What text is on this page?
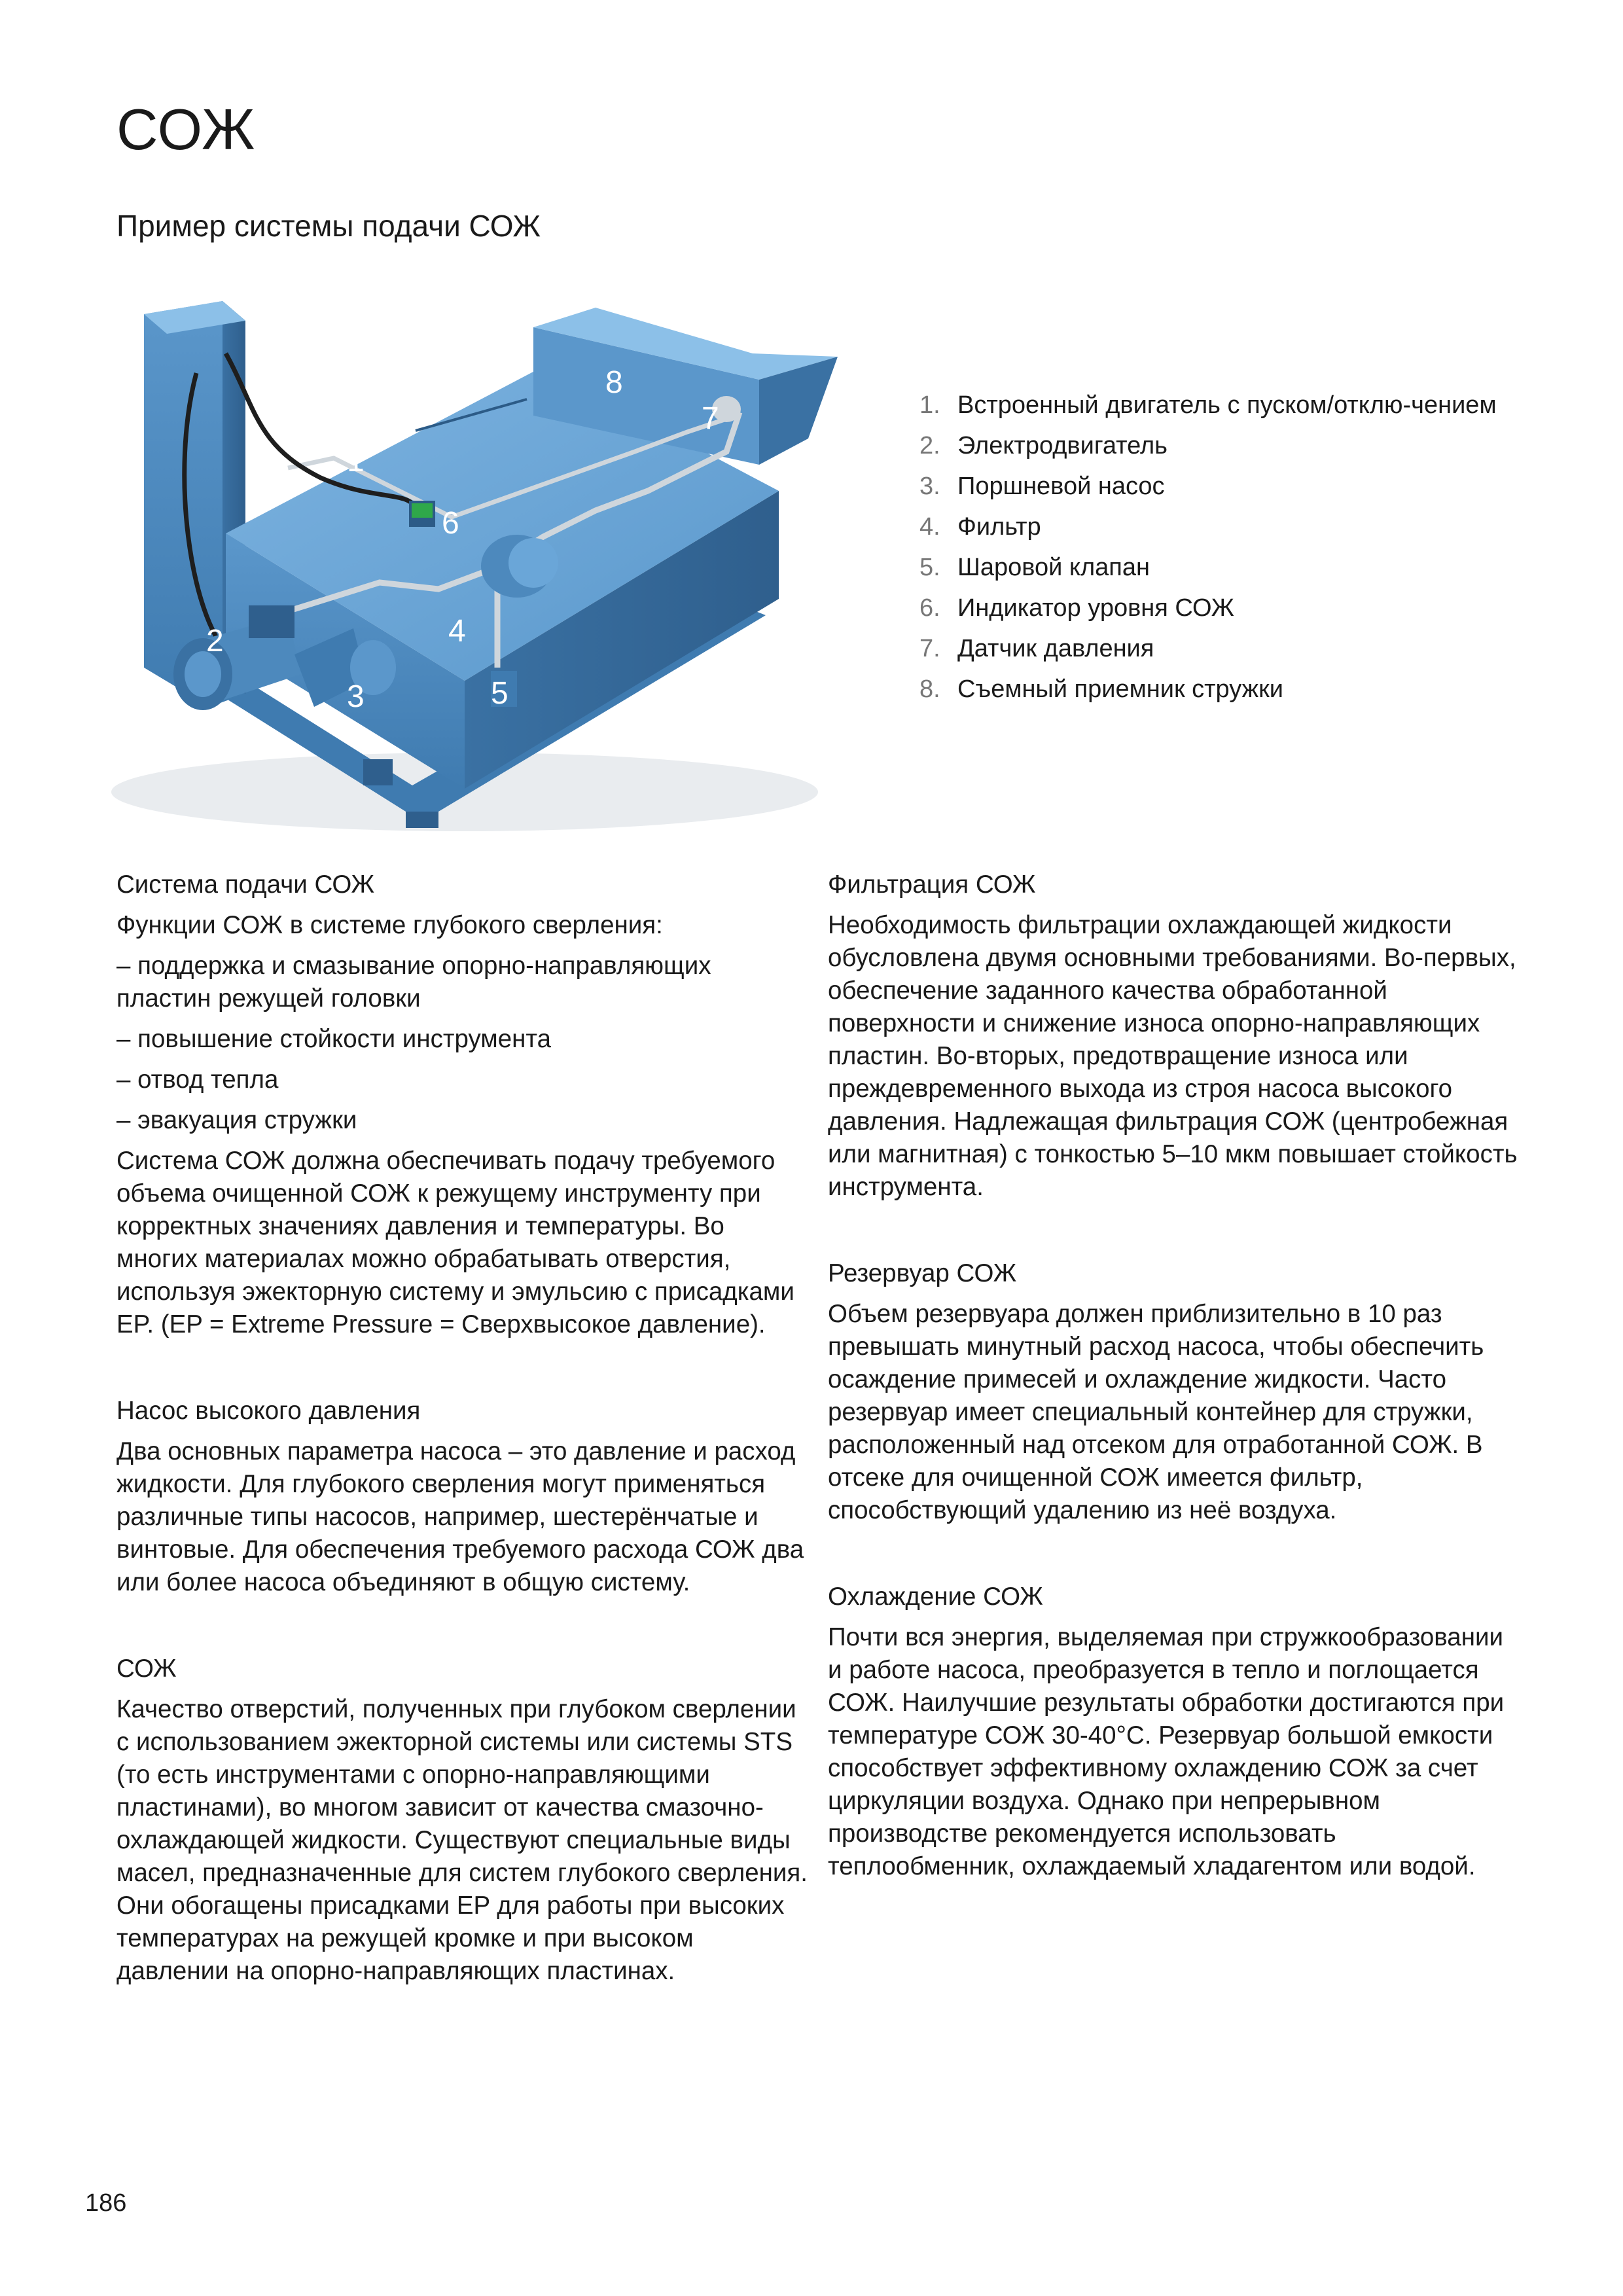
СОЖ
Пример системы подачи СОЖ
1
2
3
4
5
6
7
8
1. Встроенный двигатель с пуском/отклю-чением
2. Электродвигатель
3. Поршневой насос
4. Фильтр
5. Шаровой клапан
6. Индикатор уровня СОЖ
7. Датчик давления
8. Съемный приемник стружки
Система подачи СОЖ

Функции СОЖ в системе глубокого сверления:

– поддержка и смазывание опорно-направляющих пластин режущей головки

– повышение стойкости инструмента

– отвод тепла

– эвакуация стружки

Система СОЖ должна обеспечивать подачу требуемого объема очищенной СОЖ к режущему инструменту при корректных значениях давления и температуры. Во многих материалах можно обрабатывать отверстия, используя эжекторную систему и эмульсию с присадками EP. (EP = Extreme Pressure = Сверхвысокое давление).

Насос высокого давления

Два основных параметра насоса – это давление и расход жидкости. Для глубокого сверления могут применяться различные типы насосов, например, шестерёнчатые и винтовые. Для обеспечения требуемого расхода СОЖ два или более насоса объединяют в общую систему.

СОЖ

Качество отверстий, полученных при глубоком сверлении с использованием эжекторной системы или системы STS (то есть инструментами с опорно-направляющими пластинами), во многом зависит от качества смазочно-охлаждающей жидкости. Существуют специальные виды масел, предназначенные для систем глубокого сверления. Они обогащены присадками EP для работы при высоких температурах на режущей кромке и при высоком давлении на опорно-направляющих пластинах.

Фильтрация СОЖ

Необходимость фильтрации охлаждающей жидкости обусловлена двумя основными требованиями. Во-первых, обеспечение заданного качества обработанной поверхности и снижение износа опорно-направляющих пластин. Во-вторых, предотвращение износа или преждевременного выхода из строя насоса высокого давления. Надлежащая фильтрация СОЖ (центробежная или магнитная) с тонкостью 5–10 мкм повышает стойкость инструмента.

Резервуар СОЖ

Объем резервуара должен приблизительно в 10 раз превышать минутный расход насоса, чтобы обеспечить осаждение примесей и охлаждение жидкости. Часто резервуар имеет специальный контейнер для стружки, расположенный над отсеком для отработанной СОЖ. В отсеке для очищенной СОЖ имеется фильтр, способствующий удалению из неё воздуха.

Охлаждение СОЖ

Почти вся энергия, выделяемая при стружкообразовании и работе насоса, преобразуется в тепло и поглощается СОЖ. Наилучшие результаты обработки достигаются при температуре СОЖ 30-40°C. Резервуар большой емкости способствует эффективному охлаждению СОЖ за счет циркуляции воздуха. Однако при непрерывном производстве рекомендуется использовать теплообменник, охлаждаемый хладагентом или водой.

186
